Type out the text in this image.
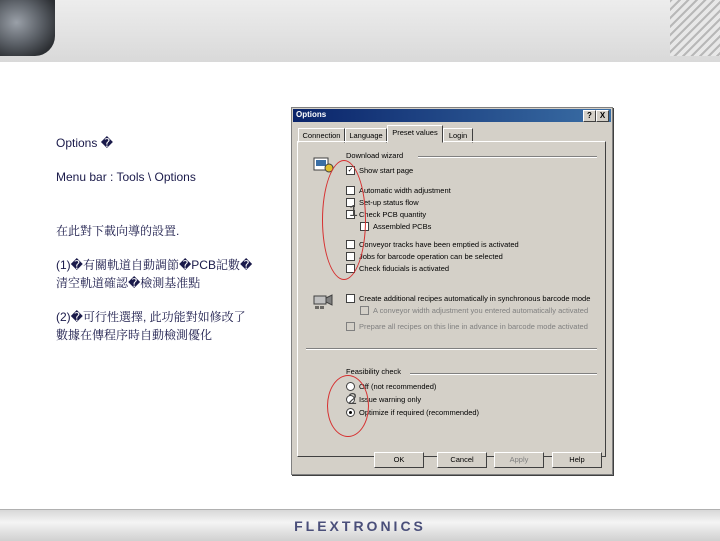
Options �
Menu bar : Tools \ Options
在此對下載向導的設置.
(1)�有關軌道自動調節�PCB記數�
清空軌道確認�檢測基准點
(2)�可行性選擇, 此功能對如修改了
數據在傳程序時自動檢測優化
Options	? X
Connection	Language	Preset values	Login
Download wizard
✓ Show start page
Automatic width adjustment
Set-up status flow
Check PCB quantity
Assembled PCBs
Conveyor tracks have been emptied is activated
Jobs for barcode operation can be selected
Check fiducials is activated
Create additional recipes automatically in synchronous barcode mode
A conveyor width adjustment you entered automatically activated
Prepare all recipes on this line in advance in barcode mode activated
Feasibility check
Off (not recommended)
Issue warning only
Optimize if required (recommended)
OK	Cancel	Apply	Help
1
2
FLEXTRONICS
